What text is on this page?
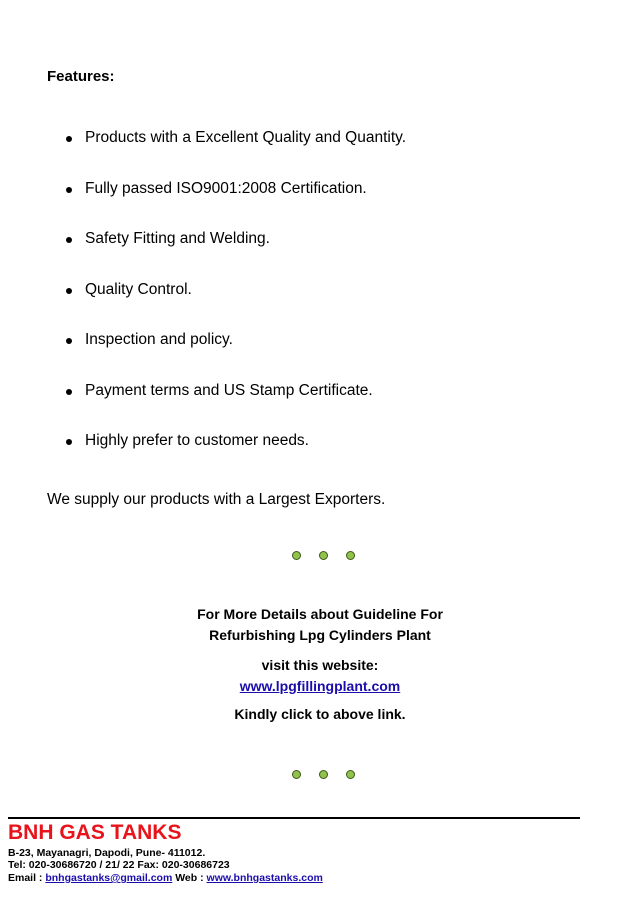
Features:
Products with a Excellent Quality and Quantity.
Fully passed ISO9001:2008 Certification.
Safety Fitting and Welding.
Quality Control.
Inspection and policy.
Payment terms and US Stamp Certificate.
Highly prefer to customer needs.
We supply our products with a Largest Exporters.
For More Details about Guideline For
Refurbishing Lpg Cylinders Plant
visit this website:
www.lpgfillingplant.com
Kindly click to above link.
BNH GAS TANKS
B-23, Mayanagri, Dapodi, Pune- 411012.
Tel: 020-30686720 / 21/ 22 Fax: 020-30686723
Email : bnhgastanks@gmail.com Web : www.bnhgastanks.com
